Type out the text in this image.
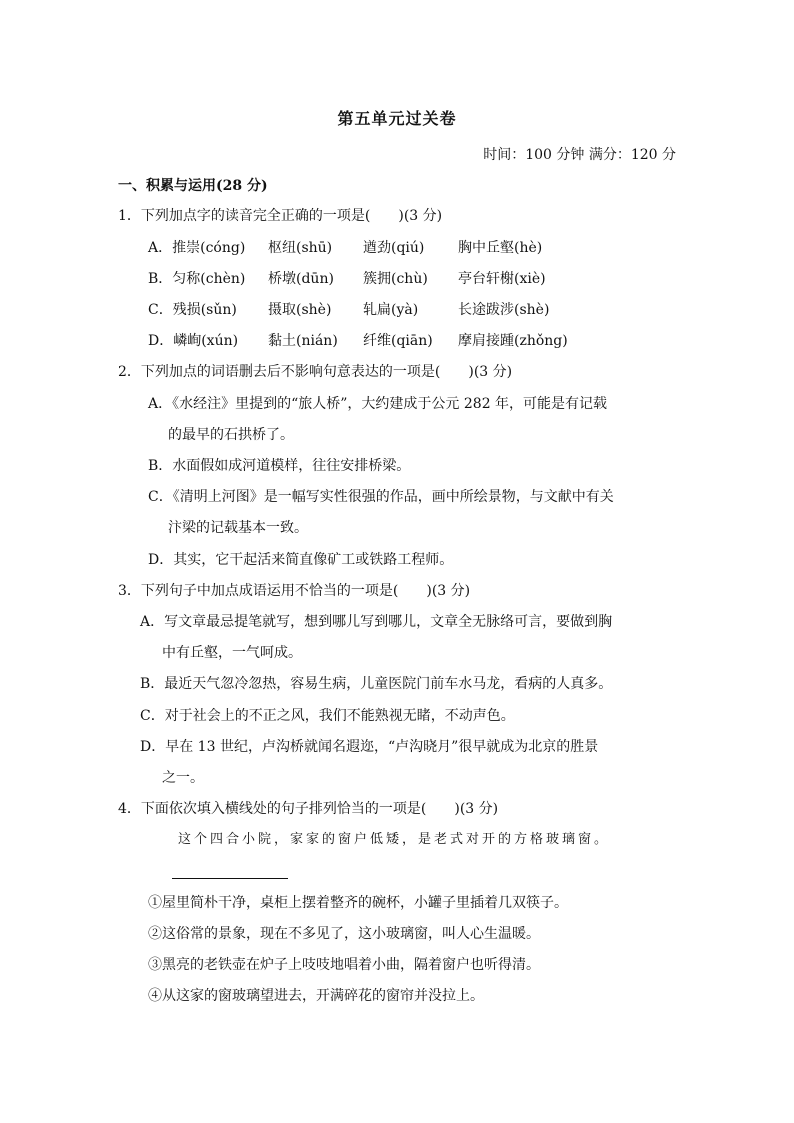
第五单元过关卷
时间：100 分钟 满分：120 分
一、积累与运用(28 分)
1．下列加点字的读音完全正确的一项是(　　)(3 分)
A．推崇(cóng) 枢纽(shū) 遒劲(qiú) 胸中丘壑(hè)
B．匀称(chèn) 桥墩(dūn) 簇拥(chù) 亭台轩榭(xiè)
C．残损(sǔn) 摄取(shè) 轧扁(yà)	长途跋涉(shè)
D．嶙峋(xún) 黏土(nián) 纤维(qiān) 摩肩接踵(zhǒng)
2．下列加点的词语删去后不影响句意表达的一项是(　　)(3 分)
A．《水经注》里提到的“旅人桥”，大约建成于公元 282 年，可能是有记载
的最早的石拱桥了。
B．水面假如成河道模样，往往安排桥梁。
C．《清明上河图》是一幅写实性很强的作品，画中所绘景物，与文献中有关
汴梁的记载基本一致。
D．其实，它干起活来简直像矿工或铁路工程师。
3．下列句子中加点成语运用不恰当的一项是(　　)(3 分)
A．写文章最忌提笔就写，想到哪儿写到哪儿，文章全无脉络可言，要做到胸
中有丘壑，一气呵成。
B．最近天气忽冷忽热，容易生病，儿童医院门前车水马龙，看病的人真多。
C．对于社会上的不正之风，我们不能熟视无睹，不动声色。
D．早在 13 世纪，卢沟桥就闻名遐迩，“卢沟晓月”很早就成为北京的胜景
之一。
4．下面依次填入横线处的句子排列恰当的一项是(　　)(3 分)
这个四合小院，家家的窗户低矮，是老式对开的方格玻璃窗。
①屋里简朴干净，桌柜上摆着整齐的碗杯，小罐子里插着几双筷子。
②这俗常的景象，现在不多见了，这小玻璃窗，叫人心生温暖。
③黑亮的老铁壶在炉子上吱吱地唱着小曲，隔着窗户也听得清。
④从这家的窗玻璃望进去，开满碎花的窗帘并没拉上。
